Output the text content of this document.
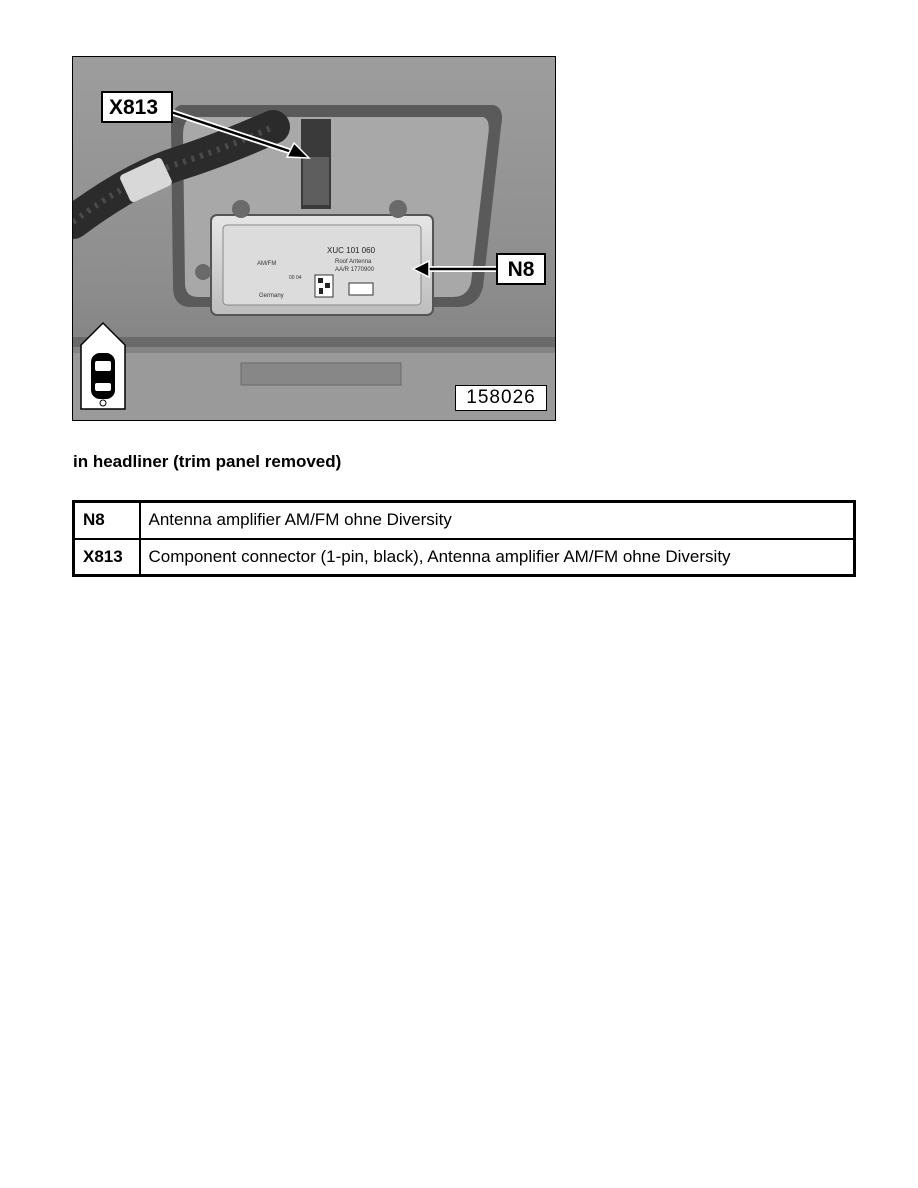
XUC 101 060
Roof Antenna
AA/R 1770900
AM/FM
00 04
Germany
X813
N8
158026
in headliner (trim panel removed)
N8	Antenna amplifier AM/FM ohne Diversity
X813	Component connector (1-pin, black), Antenna amplifier AM/FM ohne Diversity
